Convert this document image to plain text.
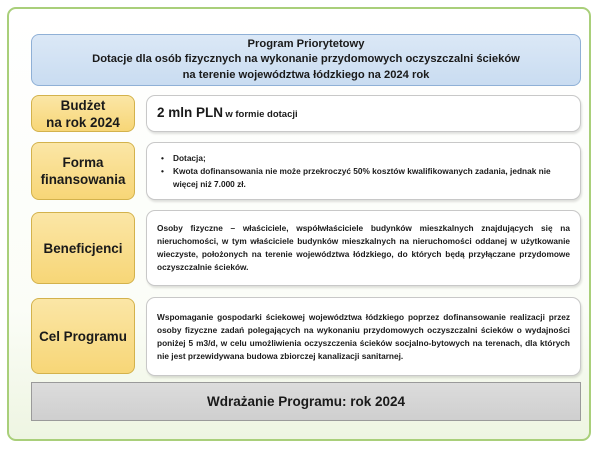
Program Priorytetowy
Dotacje dla osób fizycznych na wykonanie przydomowych oczyszczalni ścieków
na terenie województwa łódzkiego na 2024 rok
Budżet
na rok 2024
2 mln PLN w formie dotacji
Forma
finansowania
• Dotacja;
• Kwota dofinansowania nie może przekroczyć 50% kosztów kwalifikowanych zadania, jednak nie więcej niż 7.000 zł.
Beneficjenci
Osoby fizyczne – właściciele, współwłaściciele budynków mieszkalnych znajdujących się na nieruchomości, w tym właściciele budynków mieszkalnych na nieruchomości oddanej w użytkowanie wieczyste, położonych na terenie województwa łódzkiego, do których będą przyłączane przydomowe oczyszczalnie ścieków.
Cel Programu
Wspomaganie gospodarki ściekowej województwa łódzkiego poprzez dofinansowanie realizacji przez osoby fizyczne zadań polegających na wykonaniu przydomowych oczyszczalni ścieków o wydajności poniżej 5 m3/d, w celu umożliwienia oczyszczenia ścieków socjalno-bytowych na terenach, dla których nie jest przewidywana budowa zbiorczej kanalizacji sanitarnej.
Wdrażanie Programu: rok 2024
